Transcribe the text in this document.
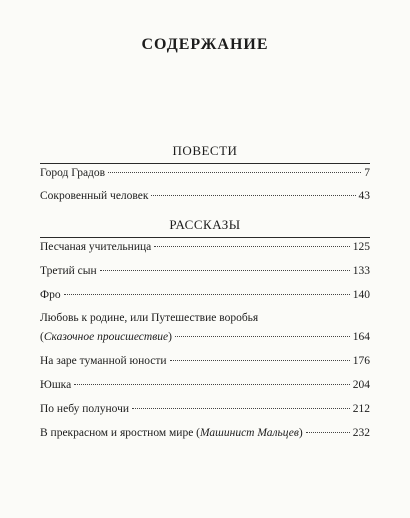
СОДЕРЖАНИЕ
ПОВЕСТИ
Город Градов	7
Сокровенный человек	43
РАССКАЗЫ
Песчаная учительница	125
Третий сын	133
Фро	140
Любовь к родине, или Путешествие воробья
(Сказочное происшествие)	164
На заре туманной юности	176
Юшка	204
По небу полуночи	212
В прекрасном и яростном мире (Машинист Мальцев)	232
